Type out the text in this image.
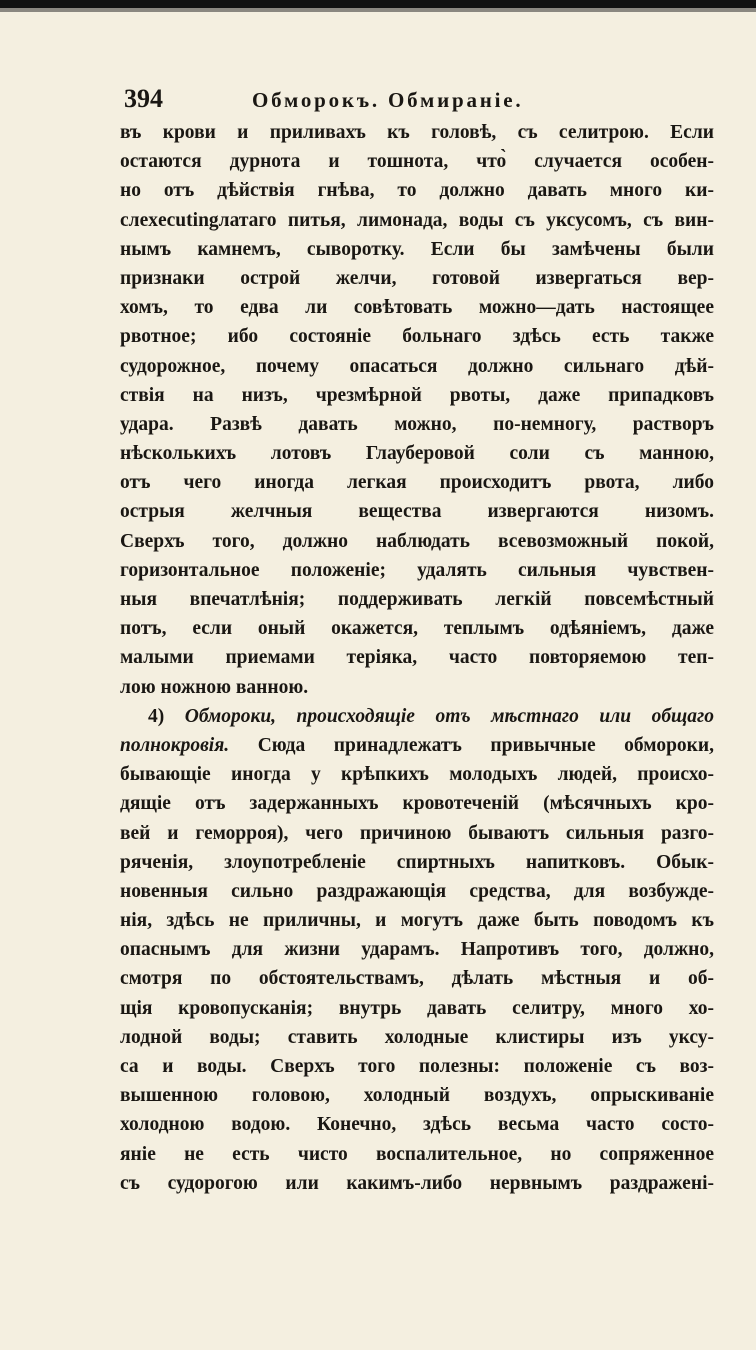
394	Обморокъ. Обмиранiе.
въ крови и приливахъ къ головѣ, съ селитрою. Если
остаются дурнота и тошнота, что̀ случается особен-
но отъ дѣйствiя гнѣва, то должно давать много ки-
слexecutingлатаго питья, лимонада, воды съ уксусомъ, съ вин-
нымъ камнемъ, сыворотку. Если бы замѣчены были
признаки острой желчи, готовой извергаться вер-
хомъ, то едва ли совѣтовать можно—дать настоящее
рвотное; ибо состоянiе больнаго здѣсь есть также
судорожное, почему опасаться должно сильнаго дѣй-
ствiя на низъ, чрезмѣрной рвоты, даже припадковъ
удара. Развѣ давать можно, по-немногу, растворъ
нѣсколькихъ лотовъ Глауберовой соли съ манною,
отъ чего иногда легкая происходитъ рвота, либо
острыя желчныя вещества извергаются низомъ.
Сверхъ того, должно наблюдать всевозможный покой,
горизонтальное положенiе; удалять сильныя чувствен-
ныя впечатлѣнiя; поддерживать легкiй повсемѣстный
потъ, если оный окажется, теплымъ одѣянiемъ, даже
малыми приемами терiяка, часто повторяемою теп-
лою ножною ванною.
4) Обмороки, происходящiе отъ мѣстнаго или общаго
полнокровiя. Сюда принадлежатъ привычные обмороки,
бывающiе иногда у крѣпкихъ молодыхъ людей, происхо-
дящiе отъ задержанныхъ кровотеченiй (мѣсячныхъ кро-
вей и геморроя), чего причиною бываютъ сильныя разго-
ряченiя, злоупотребленiе спиртныхъ напитковъ. Обык-
новенныя сильно раздражающiя средства, для возбужде-
нiя, здѣсь не приличны, и могутъ даже быть поводомъ къ
опаснымъ для жизни ударамъ. Напротивъ того, должно,
смотря по обстоятельствамъ, дѣлать мѣстныя и об-
щiя кровопусканiя; внутрь давать селитру, много хо-
лодной воды; ставить холодные клистиры изъ уксу-
са и воды. Сверхъ того полезны: положенiе съ воз-
вышенною головою, холодный воздухъ, опрыскиванiе
холодною водою. Конечно, здѣсь весьма часто состо-
янiе не есть чисто воспалительное, но сопряженное
съ судорогою или какимъ-либо нервнымъ раздраженi-
